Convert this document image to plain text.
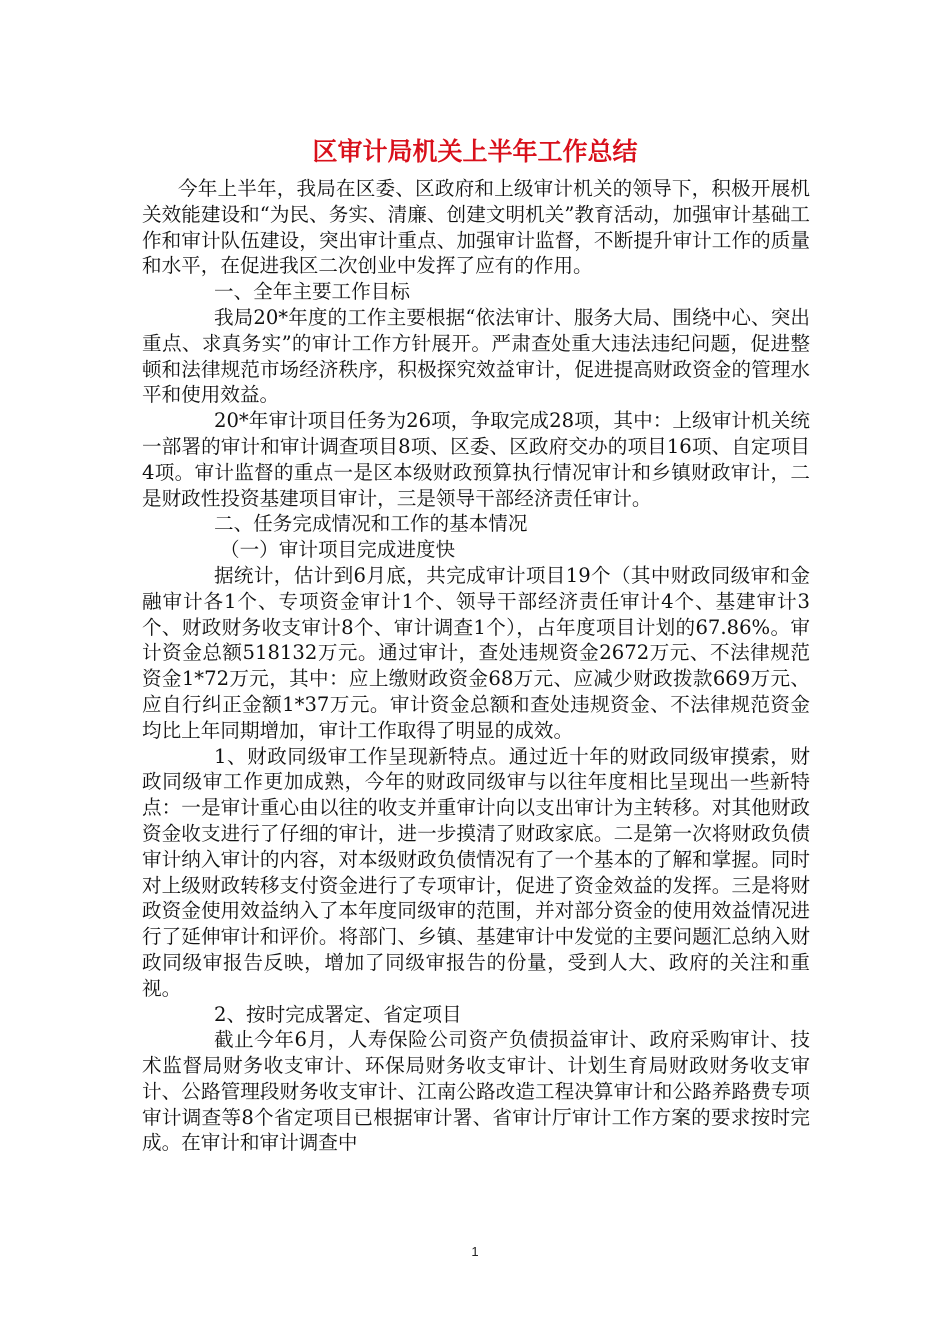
区审计局机关上半年工作总结

今年上半年，我局在区委、区政府和上级审计机关的领导下，积极开展机关效能建设和“为民、务实、清廉、创建文明机关”教育活动，加强审计基础工作和审计队伍建设，突出审计重点、加强审计监督，不断提升审计工作的质量和水平，在促进我区二次创业中发挥了应有的作用。

一、全年主要工作目标

我局20*年度的工作主要根据“依法审计、服务大局、围绕中心、突出重点、求真务实”的审计工作方针展开。严肃查处重大违法违纪问题，促进整顿和法律规范市场经济秩序，积极探究效益审计，促进提高财政资金的管理水平和使用效益。

20*年审计项目任务为26项，争取完成28项，其中：上级审计机关统一部署的审计和审计调查项目8项、区委、区政府交办的项目16项、自定项目4项。审计监督的重点一是区本级财政预算执行情况审计和乡镇财政审计，二是财政性投资基建项目审计，三是领导干部经济责任审计。

二、任务完成情况和工作的基本情况

（一）审计项目完成进度快

据统计，估计到6月底，共完成审计项目19个（其中财政同级审和金融审计各1个、专项资金审计1个、领导干部经济责任审计4个、基建审计3个、财政财务收支审计8个、审计调查1个），占年度项目计划的67.86%。审计资金总额518132万元。通过审计，查处违规资金2672万元、不法律规范资金1*72万元，其中：应上缴财政资金68万元、应减少财政拨款669万元、应自行纠正金额1*37万元。审计资金总额和查处违规资金、不法律规范资金均比上年同期增加，审计工作取得了明显的成效。

1、财政同级审工作呈现新特点。通过近十年的财政同级审摸索，财政同级审工作更加成熟，今年的财政同级审与以往年度相比呈现出一些新特点：一是审计重心由以往的收支并重审计向以支出审计为主转移。对其他财政资金收支进行了仔细的审计，进一步摸清了财政家底。二是第一次将财政负债审计纳入审计的内容，对本级财政负债情况有了一个基本的了解和掌握。同时对上级财政转移支付资金进行了专项审计，促进了资金效益的发挥。三是将财政资金使用效益纳入了本年度同级审的范围，并对部分资金的使用效益情况进行了延伸审计和评价。将部门、乡镇、基建审计中发觉的主要问题汇总纳入财政同级审报告反映，增加了同级审报告的份量，受到人大、政府的关注和重视。

2、按时完成署定、省定项目

截止今年6月，人寿保险公司资产负债损益审计、政府采购审计、技术监督局财务收支审计、环保局财务收支审计、计划生育局财政财务收支审计、公路管理段财务收支审计、江南公路改造工程决算审计和公路养路费专项审计调查等8个省定项目已根据审计署、省审计厅审计工作方案的要求按时完成。在审计和审计调查中

1
